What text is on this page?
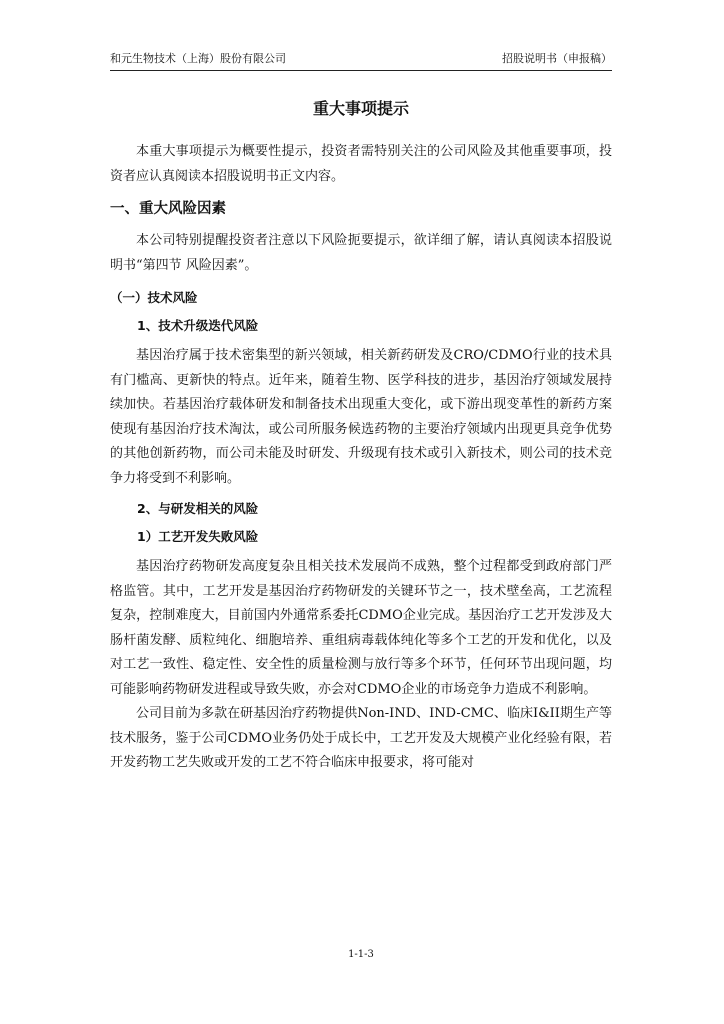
和元生物技术（上海）股份有限公司	招股说明书（申报稿）
重大事项提示

本重大事项提示为概要性提示，投资者需特别关注的公司风险及其他重要事项，投资者应认真阅读本招股说明书正文内容。

一、重大风险因素

本公司特别提醒投资者注意以下风险扼要提示，欲详细了解，请认真阅读本招股说明书“第四节 风险因素”。

（一）技术风险
1、技术升级迭代风险

基因治疗属于技术密集型的新兴领域，相关新药研发及CRO/CDMO行业的技术具有门槛高、更新快的特点。近年来，随着生物、医学科技的进步，基因治疗领域发展持续加快。若基因治疗载体研发和制备技术出现重大变化，或下游出现变革性的新药方案使现有基因治疗技术淘汰，或公司所服务候选药物的主要治疗领域内出现更具竞争优势的其他创新药物，而公司未能及时研发、升级现有技术或引入新技术，则公司的技术竞争力将受到不利影响。

2、与研发相关的风险
1）工艺开发失败风险

基因治疗药物研发高度复杂且相关技术发展尚不成熟，整个过程都受到政府部门严格监管。其中，工艺开发是基因治疗药物研发的关键环节之一，技术壁垒高，工艺流程复杂，控制难度大，目前国内外通常系委托CDMO企业完成。基因治疗工艺开发涉及大肠杆菌发酵、质粒纯化、细胞培养、重组病毒载体纯化等多个工艺的开发和优化，以及对工艺一致性、稳定性、安全性的质量检测与放行等多个环节，任何环节出现问题，均可能影响药物研发进程或导致失败，亦会对CDMO企业的市场竞争力造成不利影响。

公司目前为多款在研基因治疗药物提供Non-IND、IND-CMC、临床I&II期生产等技术服务，鉴于公司CDMO业务仍处于成长中，工艺开发及大规模产业化经验有限，若开发药物工艺失败或开发的工艺不符合临床申报要求，将可能对

1-1-3
